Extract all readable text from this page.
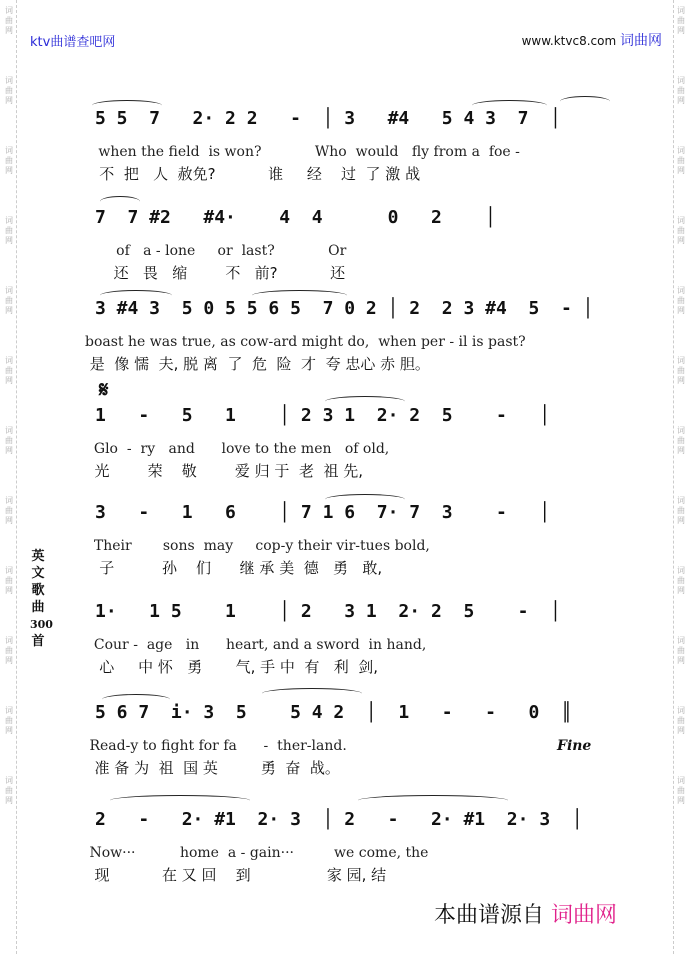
词
曲
网
词
曲
网
词
曲
网
词
曲
网
词
曲
网
词
曲
网
词
曲
网
词
曲
网
词
曲
网
词
曲
网
词
曲
网
词
曲
网
词
曲
网
词
曲
网
词
曲
网
词
曲
网
词
曲
网
词
曲
网
词
曲
网
词
曲
网
词
曲
网
词
曲
网
词
曲
网
词
曲
网
ktv曲谱查吧网	www.ktvc8.com 词曲网
英
文
歌
曲
300
首
𝄋
5 5  7   2· 2 2   -  │ 3   #4   5 4 3  7  │
when the field  is won?            Who  would   fly from a  foe -
不  把   人  赦免?           谁     经    过  了 激 战
7  7 #2   #4·    4  4      0   2    │
of   a - lone     or  last?            Or
还   畏   缩        不   前?           还
3 #4 3  5 0 5 5 6 5  7 0 2 │ 2  2 3 #4  5  - │
boast he was true, as cow-ard might do,  when per - il is past?
是  像 懦  夫, 脱 离  了  危  险  才  夸 忠心 赤 胆。
1   -   5   1    │ 2 3 1  2· 2  5    -   │
Glo  -  ry   and      love to the men   of old,
光        荣    敬        爱 归 于  老  祖 先,
3   -   1   6    │ 7 1 6  7· 7  3    -   │
Their       sons  may     cop-y their vir-tues bold,
子          孙    们      继 承 美  德   勇   敢,
1·   1 5    1    │ 2   3 1  2· 2  5    -  │
Cour -  age   in      heart, and a sword  in hand,
心     中 怀   勇       气, 手 中  有   利  剑,
5 6 7  i· 3  5    5 4 2  │  1   -   -   0  ║
Read-y to fight for fa      -  ther-land.
准 备 为  祖  国 英         勇  奋  战。
2   -   2· #1  2· 3  │ 2   -   2· #1  2· 3  │
Now···          home  a - gain···         we come, the
现           在 又 回    到                家 园, 结
Fine
本曲谱源自 词曲网
